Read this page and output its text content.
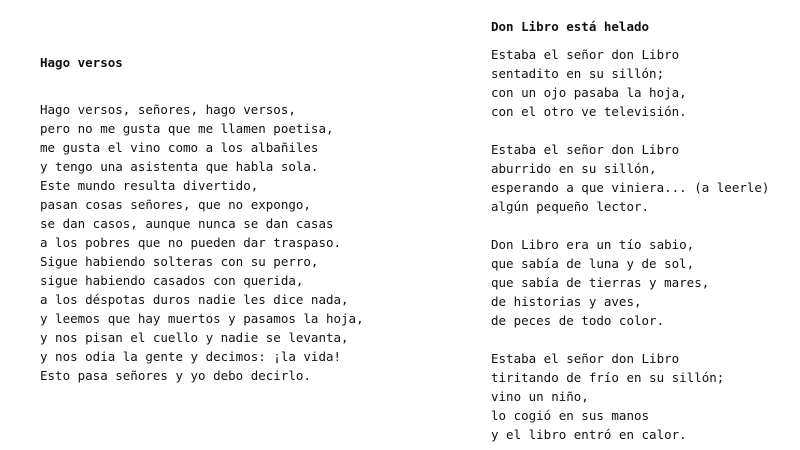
Hago versos
Hago versos, señores, hago versos,
pero no me gusta que me llamen poetisa,
me gusta el vino como a los albañiles
y tengo una asistenta que habla sola.
Este mundo resulta divertido,
pasan cosas señores, que no expongo,
se dan casos, aunque nunca se dan casas
a los pobres que no pueden dar traspaso.
Sigue habiendo solteras con su perro,
sigue habiendo casados con querida,
a los déspotas duros nadie les dice nada,
y leemos que hay muertos y pasamos la hoja,
y nos pisan el cuello y nadie se levanta,
y nos odia la gente y decimos: ¡la vida!
Esto pasa señores y yo debo decirlo.
Don Libro está helado
Estaba el señor don Libro
sentadito en su sillón;
con un ojo pasaba la hoja,
con el otro ve televisión.
Estaba el señor don Libro
aburrido en su sillón,
esperando a que viniera... (a leerle)
algún pequeño lector.
Don Libro era un tío sabio,
que sabía de luna y de sol,
que sabía de tierras y mares,
de historias y aves,
de peces de todo color.
Estaba el señor don Libro
tiritando de frío en su sillón;
vino un niño,
lo cogió en sus manos
y el libro entró en calor.
